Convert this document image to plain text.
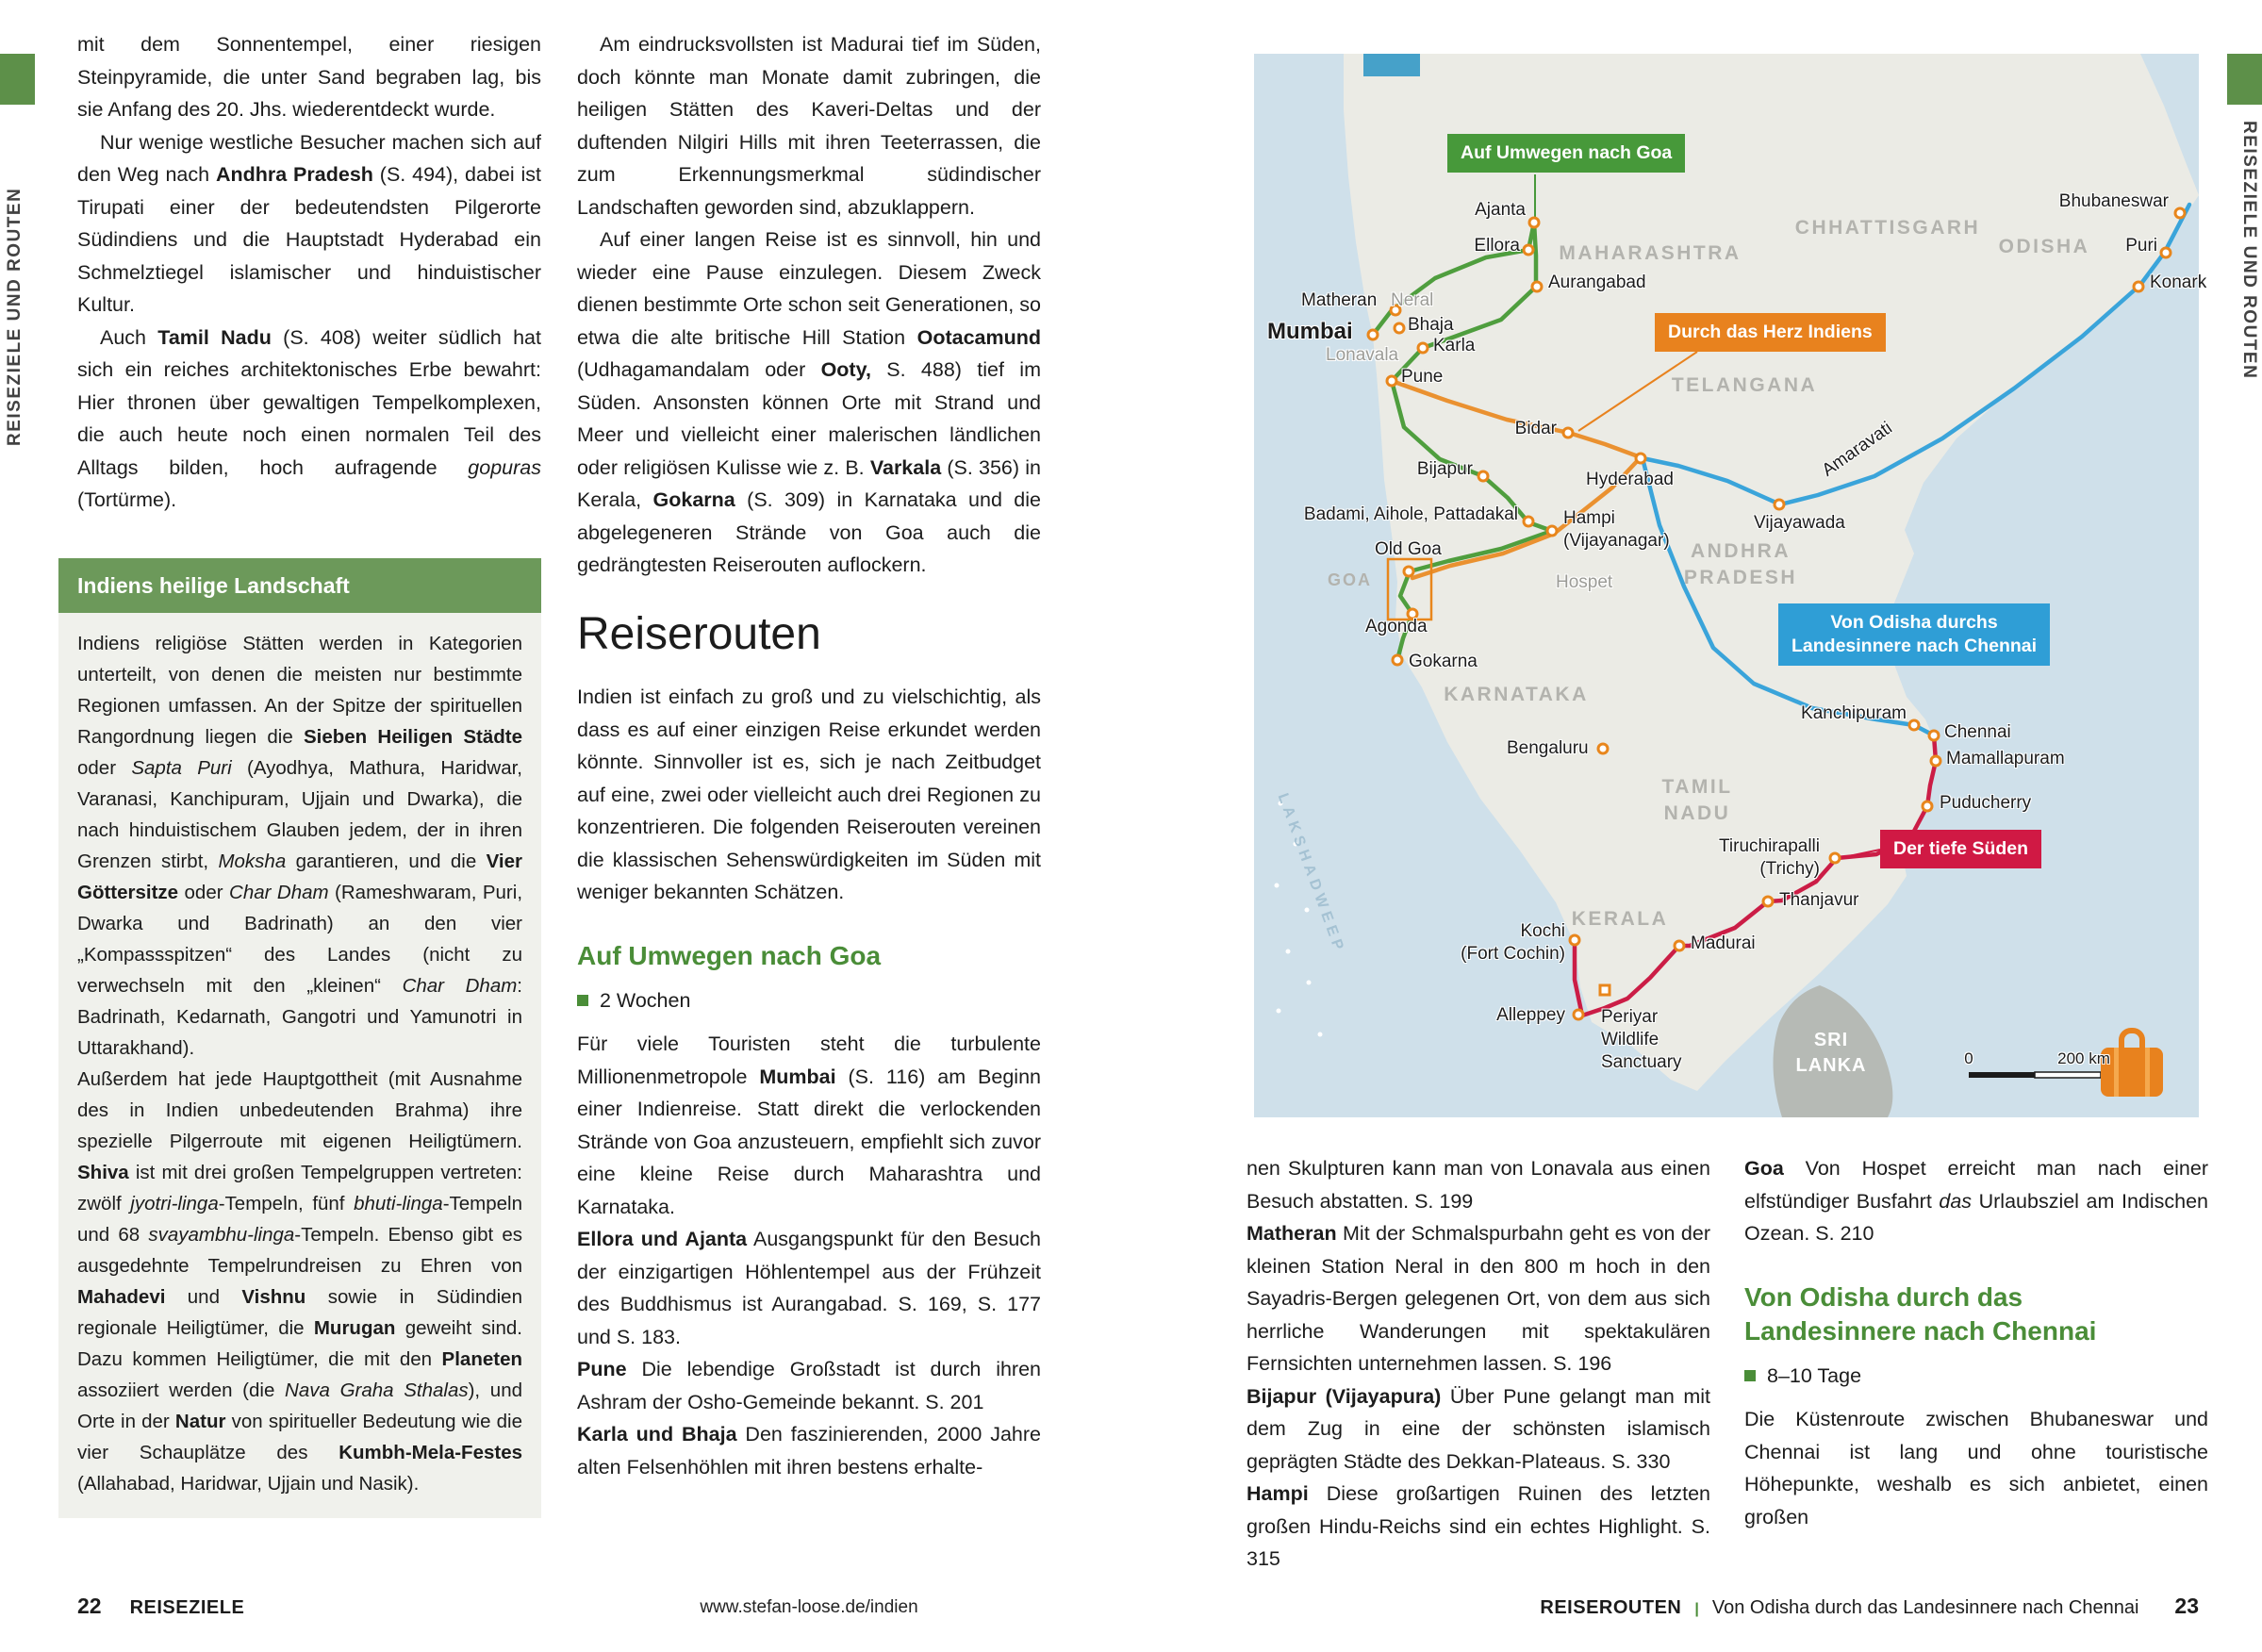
REISEZIELE UND ROUTEN

mit dem Sonnentempel, einer riesigen Steinpyramide, die unter Sand begraben lag, bis sie Anfang des 20. Jhs. wiederentdeckt wurde.

Nur wenige westliche Besucher machen sich auf den Weg nach Andhra Pradesh (S. 494), dabei ist Tirupati einer der bedeutendsten Pilgerorte Südindiens und die Hauptstadt Hyderabad ein Schmelztiegel islamischer und hinduistischer Kultur.

Auch Tamil Nadu (S. 408) weiter südlich hat sich ein reiches architektonisches Erbe bewahrt: Hier thronen über gewaltigen Tempelkomplexen, die auch heute noch einen normalen Teil des Alltags bilden, hoch aufragende gopuras (Tortürme).

Indiens heilige Landschaft

Indiens religiöse Stätten werden in Kategorien unterteilt, von denen die meisten nur bestimmte Regionen umfassen. An der Spitze der spirituellen Rangordnung liegen die Sieben Heiligen Städte oder Sapta Puri (Ayodhya, Mathura, Haridwar, Varanasi, Kanchipuram, Ujjain und Dwarka), die nach hinduistischem Glauben jedem, der in ihren Grenzen stirbt, Moksha garantieren, und die Vier Göttersitze oder Char Dham (Rameshwaram, Puri, Dwarka und Badrinath) an den vier „Kompassspitzen“ des Landes (nicht zu verwechseln mit den „kleinen“ Char Dham: Badrinath, Kedarnath, Gangotri und Yamunotri in Uttarakhand).

Außerdem hat jede Hauptgottheit (mit Ausnahme des in Indien unbedeutenden Brahma) ihre spezielle Pilgerroute mit eigenen Heiligtümern. Shiva ist mit drei großen Tempelgruppen vertreten: zwölf jyotri-linga-Tempeln, fünf bhuti-linga-Tempeln und 68 svayambhu-linga-Tempeln. Ebenso gibt es ausgedehnte Tempelrundreisen zu Ehren von Mahadevi und Vishnu sowie in Südindien regionale Heiligtümer, die Murugan geweiht sind. Dazu kommen Heiligtümer, die mit den Planeten assoziiert werden (die Nava Graha Sthalas), und Orte in der Natur von spiritueller Bedeutung wie die vier Schauplätze des Kumbh-Mela-Festes (Allahabad, Haridwar, Ujjain und Nasik).

Am eindrucksvollsten ist Madurai tief im Süden, doch könnte man Monate damit zubringen, die heiligen Stätten des Kaveri-Deltas und der duftenden Nilgiri Hills mit ihren Teeterrassen, die zum Erkennungsmerkmal südindischer Landschaften geworden sind, abzuklappern.

Auf einer langen Reise ist es sinnvoll, hin und wieder eine Pause einzulegen. Diesem Zweck dienen bestimmte Orte schon seit Generationen, so etwa die alte britische Hill Station Ootacamund (Udhagamandalam oder Ooty, S. 488) tief im Süden. Ansonsten können Orte mit Strand und Meer und vielleicht einer malerischen ländlichen oder religiösen Kulisse wie z. B. Varkala (S. 356) in Kerala, Gokarna (S. 309) in Karnataka und die abgelegeneren Strände von Goa auch die gedrängtesten Reiserouten auflockern.

Reiserouten

Indien ist einfach zu groß und zu vielschichtig, als dass es auf einer einzigen Reise erkundet werden könnte. Sinnvoller ist es, sich je nach Zeitbudget auf eine, zwei oder vielleicht auch drei Regionen zu konzentrieren. Die folgenden Reiserouten vereinen die klassischen Sehenswürdigkeiten im Süden mit weniger bekannten Schätzen.

Auf Umwegen nach Goa
2 Wochen

Für viele Touristen steht die turbulente Millionenmetropole Mumbai (S. 116) am Beginn einer Indienreise. Statt direkt die verlockenden Strände von Goa anzusteuern, empfiehlt sich zuvor eine kleine Reise durch Maharashtra und Karnataka.

Ellora und Ajanta Ausgangspunkt für den Besuch der einzigartigen Höhlentempel aus der Frühzeit des Buddhismus ist Aurangabad. S. 169, S. 177 und S. 183.

Pune Die lebendige Großstadt ist durch ihren Ashram der Osho-Gemeinde bekannt. S. 201

Karla und Bhaja Den faszinierenden, 2000 Jahre alten Felsenhöhlen mit ihren bestens erhalte-

22 REISEZIELE	www.stefan-loose.de/indien
Mumbai
Matheran Neral
Bhaja
Karla
Lonavala
Pune
Ellora
Ajanta
Aurangabad
Bidar
Hyderabad	Amaravati
Vijayawada
Bijapur
Badami, Aihole, Pattadakal	Hampi
(Vijayanagar)
Old Goa
GOA	Hospet
Agonda
Gokarna
Bengaluru
Kanchipuram
Chennai
Mamallapuram
Puducherry
Tiruchirapalli
(Trichy)
Thanjavur
Madurai
Kochi
(Fort Cochin)
Alleppey Periyar
Wildlife
Sanctuary
Bhubaneswar
Puri
Konark
MAHARASHTRA
CHHATTISGARH
ODISHA
TELANGANA
ANDHRA
PRADESH
KARNATAKA
TAMIL
NADU
KERALA
SRI
LANKA
LAKSHADWEEP
0	200 km
Auf Umwegen nach Goa
Durch das Herz Indiens
Von Odisha durchs
Landesinnere nach Chennai
Der tiefe Süden

nen Skulpturen kann man von Lonavala aus einen Besuch abstatten. S. 199

Matheran Mit der Schmalspurbahn geht es von der kleinen Station Neral in den 800 m hoch in den Sayadris-Bergen gelegenen Ort, von dem aus sich herrliche Wanderungen mit spektakulären Fernsichten unternehmen lassen. S. 196

Bijapur (Vijayapura) Über Pune gelangt man mit dem Zug in eine der schönsten islamisch geprägten Städte des Dekkan-Plateaus. S. 330

Hampi Diese großartigen Ruinen des letzten großen Hindu-Reichs sind ein echtes Highlight. S. 315

Goa Von Hospet erreicht man nach einer elfstündiger Busfahrt das Urlaubsziel am Indischen Ozean. S. 210

Von Odisha durch das
Landesinnere nach Chennai
8–10 Tage

Die Küstenroute zwischen Bhubaneswar und Chennai ist lang und ohne touristische Höhepunkte, weshalb es sich anbietet, einen großen

REISEROUTEN | Von Odisha durch das Landesinnere nach Chennai 23
REISEZIELE UND ROUTEN
